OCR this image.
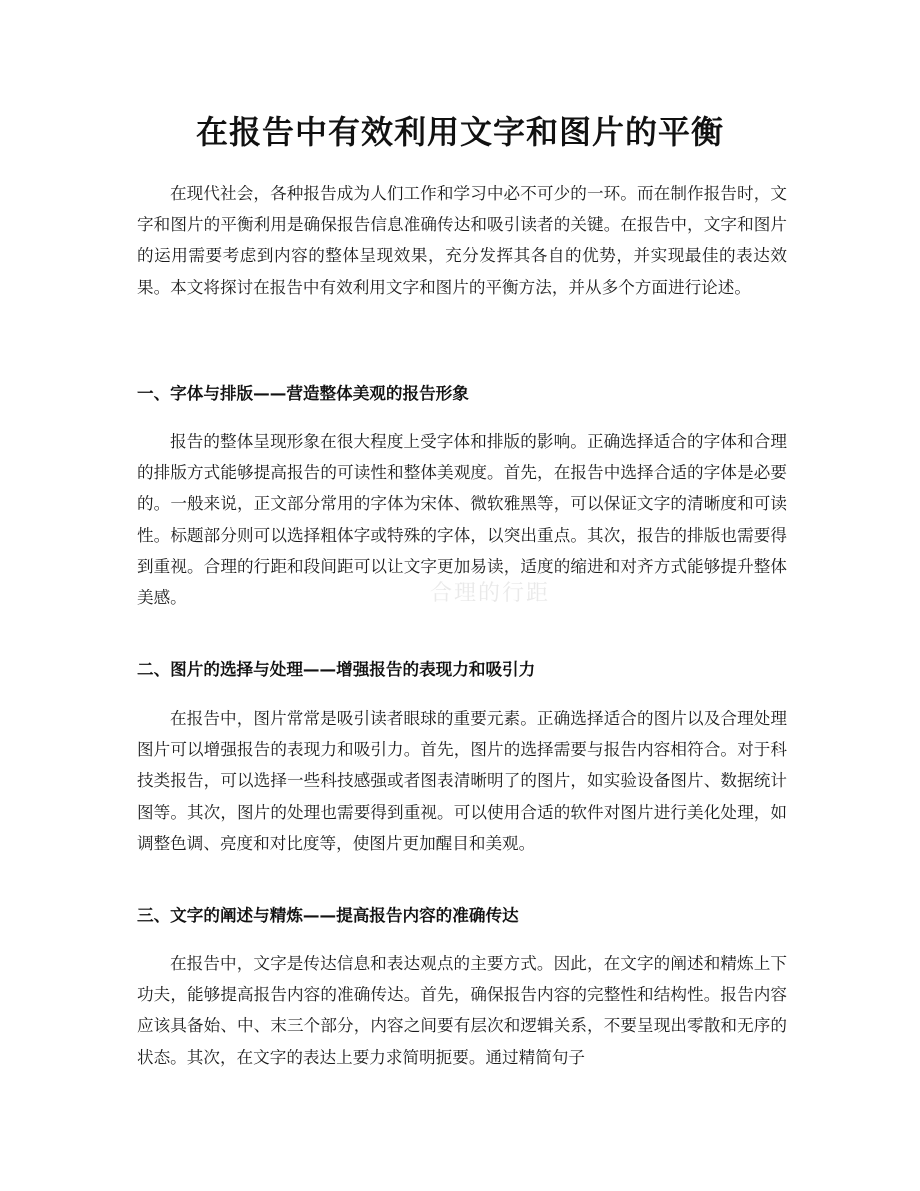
在报告中有效利用文字和图片的平衡

在现代社会，各种报告成为人们工作和学习中必不可少的一环。而在制作报告时，文字和图片的平衡利用是确保报告信息准确传达和吸引读者的关键。在报告中，文字和图片的运用需要考虑到内容的整体呈现效果，充分发挥其各自的优势，并实现最佳的表达效果。本文将探讨在报告中有效利用文字和图片的平衡方法，并从多个方面进行论述。

一、字体与排版——营造整体美观的报告形象

报告的整体呈现形象在很大程度上受字体和排版的影响。正确选择适合的字体和合理的排版方式能够提高报告的可读性和整体美观度。首先，在报告中选择合适的字体是必要的。一般来说，正文部分常用的字体为宋体、微软雅黑等，可以保证文字的清晰度和可读性。标题部分则可以选择粗体字或特殊的字体，以突出重点。其次，报告的排版也需要得到重视。合理的行距和段间距可以让文字更加易读，适度的缩进和对齐方式能够提升整体美感。

二、图片的选择与处理——增强报告的表现力和吸引力

在报告中，图片常常是吸引读者眼球的重要元素。正确选择适合的图片以及合理处理图片可以增强报告的表现力和吸引力。首先，图片的选择需要与报告内容相符合。对于科技类报告，可以选择一些科技感强或者图表清晰明了的图片，如实验设备图片、数据统计图等。其次，图片的处理也需要得到重视。可以使用合适的软件对图片进行美化处理，如调整色调、亮度和对比度等，使图片更加醒目和美观。

三、文字的阐述与精炼——提高报告内容的准确传达

在报告中，文字是传达信息和表达观点的主要方式。因此，在文字的阐述和精炼上下功夫，能够提高报告内容的准确传达。首先，确保报告内容的完整性和结构性。报告内容应该具备始、中、末三个部分，内容之间要有层次和逻辑关系，不要呈现出零散和无序的状态。其次，在文字的表达上要力求简明扼要。通过精简句子

合理的行距
